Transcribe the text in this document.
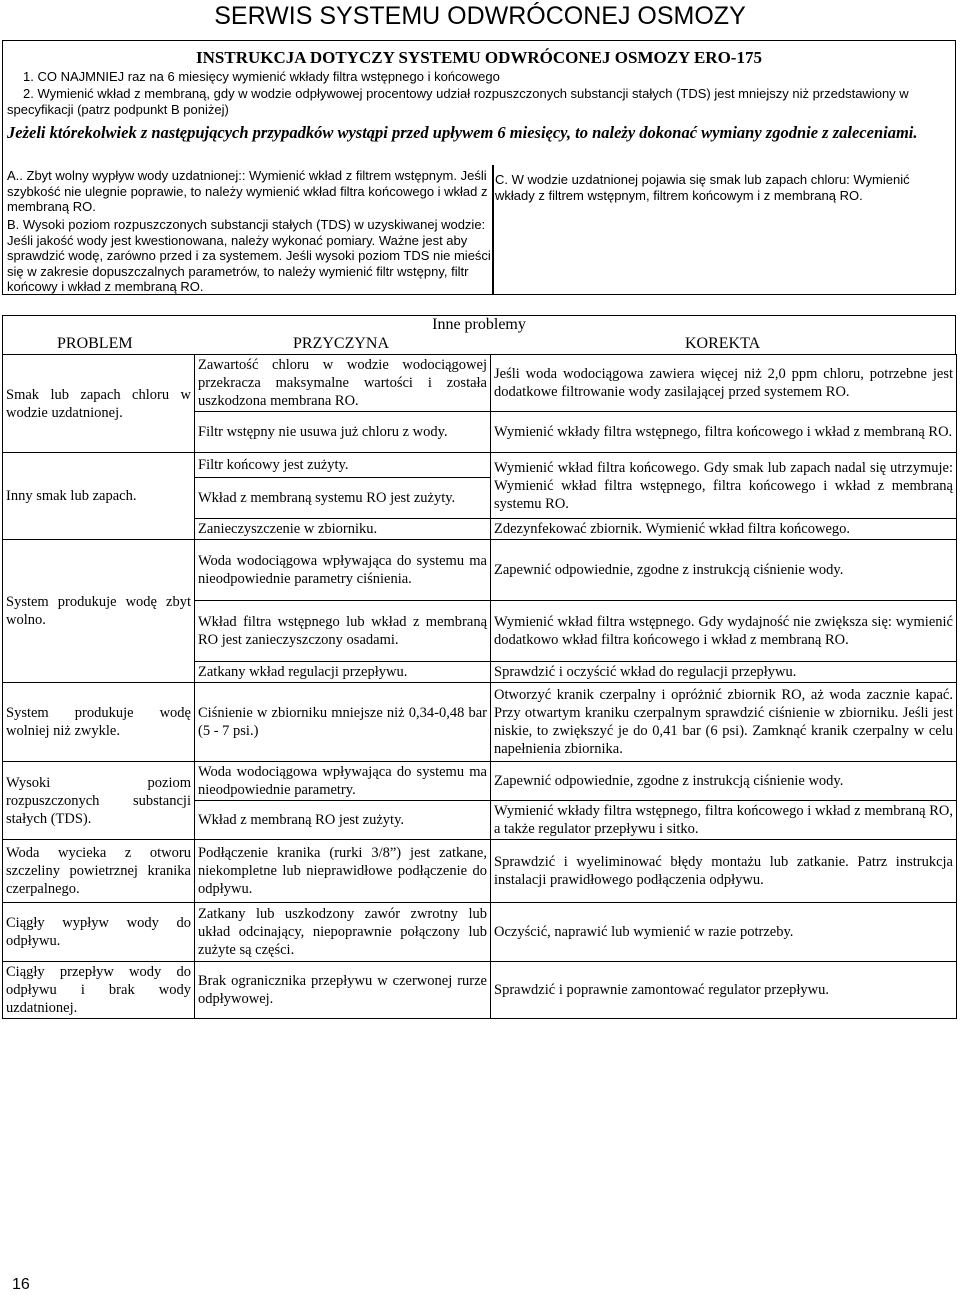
SERWIS SYSTEMU ODWRÓCONEJ OSMOZY
INSTRUKCJA DOTYCZY SYSTEMU ODWRÓCONEJ OSMOZY ERO-175
1. CO NAJMNIEJ raz na 6 miesięcy wymienić wkłady filtra wstępnego i końcowego
2. Wymienić wkład z membraną, gdy w wodzie odpływowej procentowy udział rozpuszczonych substancji stałych (TDS) jest mniejszy niż przedstawiony w specyfikacji (patrz podpunkt B poniżej)
Jeżeli którekolwiek z następujących przypadków wystąpi przed upływem 6 miesięcy, to należy dokonać wymiany zgodnie z zaleceniami.
A.. Zbyt wolny wypływ wody uzdatnionej:: Wymienić wkład z filtrem wstępnym. Jeśli szybkość nie ulegnie poprawie, to należy wymienić wkład filtra końcowego i wkład z membraną RO.
B. Wysoki poziom rozpuszczonych substancji stałych (TDS) w uzyskiwanej wodzie: Jeśli jakość wody jest kwestionowana, należy wykonać pomiary. Ważne jest aby sprawdzić wodę, zarówno przed i za systemem. Jeśli wysoki poziom TDS nie mieści się w zakresie dopuszczalnych parametrów, to należy wymienić filtr wstępny, filtr końcowy i wkład z membraną RO.
C. W wodzie uzdatnionej pojawia się smak lub zapach chloru: Wymienić wkłady z filtrem wstępnym, filtrem końcowym i z membraną RO.
Inne problemy
PROBLEM	PRZYCZYNA	KOREKTA
Smak lub zapach chloru w wodzie uzdatnionej.	Zawartość chloru w wodzie wodociągowej przekracza maksymalne wartości i została uszkodzona membrana RO.	Jeśli woda wodociągowa zawiera więcej niż 2,0 ppm chloru, potrzebne jest dodatkowe filtrowanie wody zasilającej przed systemem RO.
	Filtr wstępny nie usuwa już chloru z wody.	Wymienić wkłady filtra wstępnego, filtra końcowego i wkład z membraną RO.
Inny smak lub zapach.	Filtr końcowy jest zużyty.	Wymienić wkład filtra końcowego. Gdy smak lub zapach nadal się utrzymuje: Wymienić wkład filtra wstępnego, filtra końcowego i wkład z membraną systemu RO.
	Wkład z membraną systemu RO jest zużyty.	
	Zanieczyszczenie w zbiorniku.	Zdezynfekować zbiornik. Wymienić wkład filtra końcowego.
System produkuje wodę zbyt wolno.	Woda wodociągowa wpływająca do systemu ma nieodpowiednie parametry ciśnienia.	Zapewnić odpowiednie, zgodne z instrukcją ciśnienie wody.
	Wkład filtra wstępnego lub wkład z membraną RO jest zanieczyszczony osadami.	Wymienić wkład filtra wstępnego. Gdy wydajność nie zwiększa się: wymienić dodatkowo wkład filtra końcowego i wkład z membraną RO.
	Zatkany wkład regulacji przepływu.	Sprawdzić i oczyścić wkład do regulacji przepływu.
System produkuje wodę wolniej niż zwykle.	Ciśnienie w zbiorniku mniejsze niż 0,34-0,48 bar (5 - 7 psi.)	Otworzyć kranik czerpalny i opróżnić zbiornik RO, aż woda zacznie kapać. Przy otwartym kraniku czerpalnym sprawdzić ciśnienie w zbiorniku. Jeśli jest niskie, to zwiększyć je do 0,41 bar (6 psi). Zamknąć kranik czerpalny w celu napełnienia zbiornika.
Wysoki poziom rozpuszczonych substancji stałych (TDS).	Woda wodociągowa wpływająca do systemu ma nieodpowiednie parametry.	Zapewnić odpowiednie, zgodne z instrukcją ciśnienie wody.
	Wkład z membraną RO jest zużyty.	Wymienić wkłady filtra wstępnego, filtra końcowego i wkład z membraną RO, a także regulator przepływu i sitko.
Woda wycieka z otworu szczeliny powietrznej kranika czerpalnego.	Podłączenie kranika (rurki 3/8”) jest zatkane, niekompletne lub nieprawidłowe podłączenie do odpływu.	Sprawdzić i wyeliminować błędy montażu lub zatkanie. Patrz instrukcja instalacji prawidłowego podłączenia odpływu.
Ciągły wypływ wody do odpływu.	Zatkany lub uszkodzony zawór zwrotny lub układ odcinający, niepoprawnie połączony lub zużyte są części.	Oczyścić, naprawić lub wymienić w razie potrzeby.
Ciągły przepływ wody do odpływu i brak wody uzdatnionej.	Brak ogranicznika przepływu w czerwonej rurze odpływowej.	Sprawdzić i poprawnie zamontować regulator przepływu.
16
